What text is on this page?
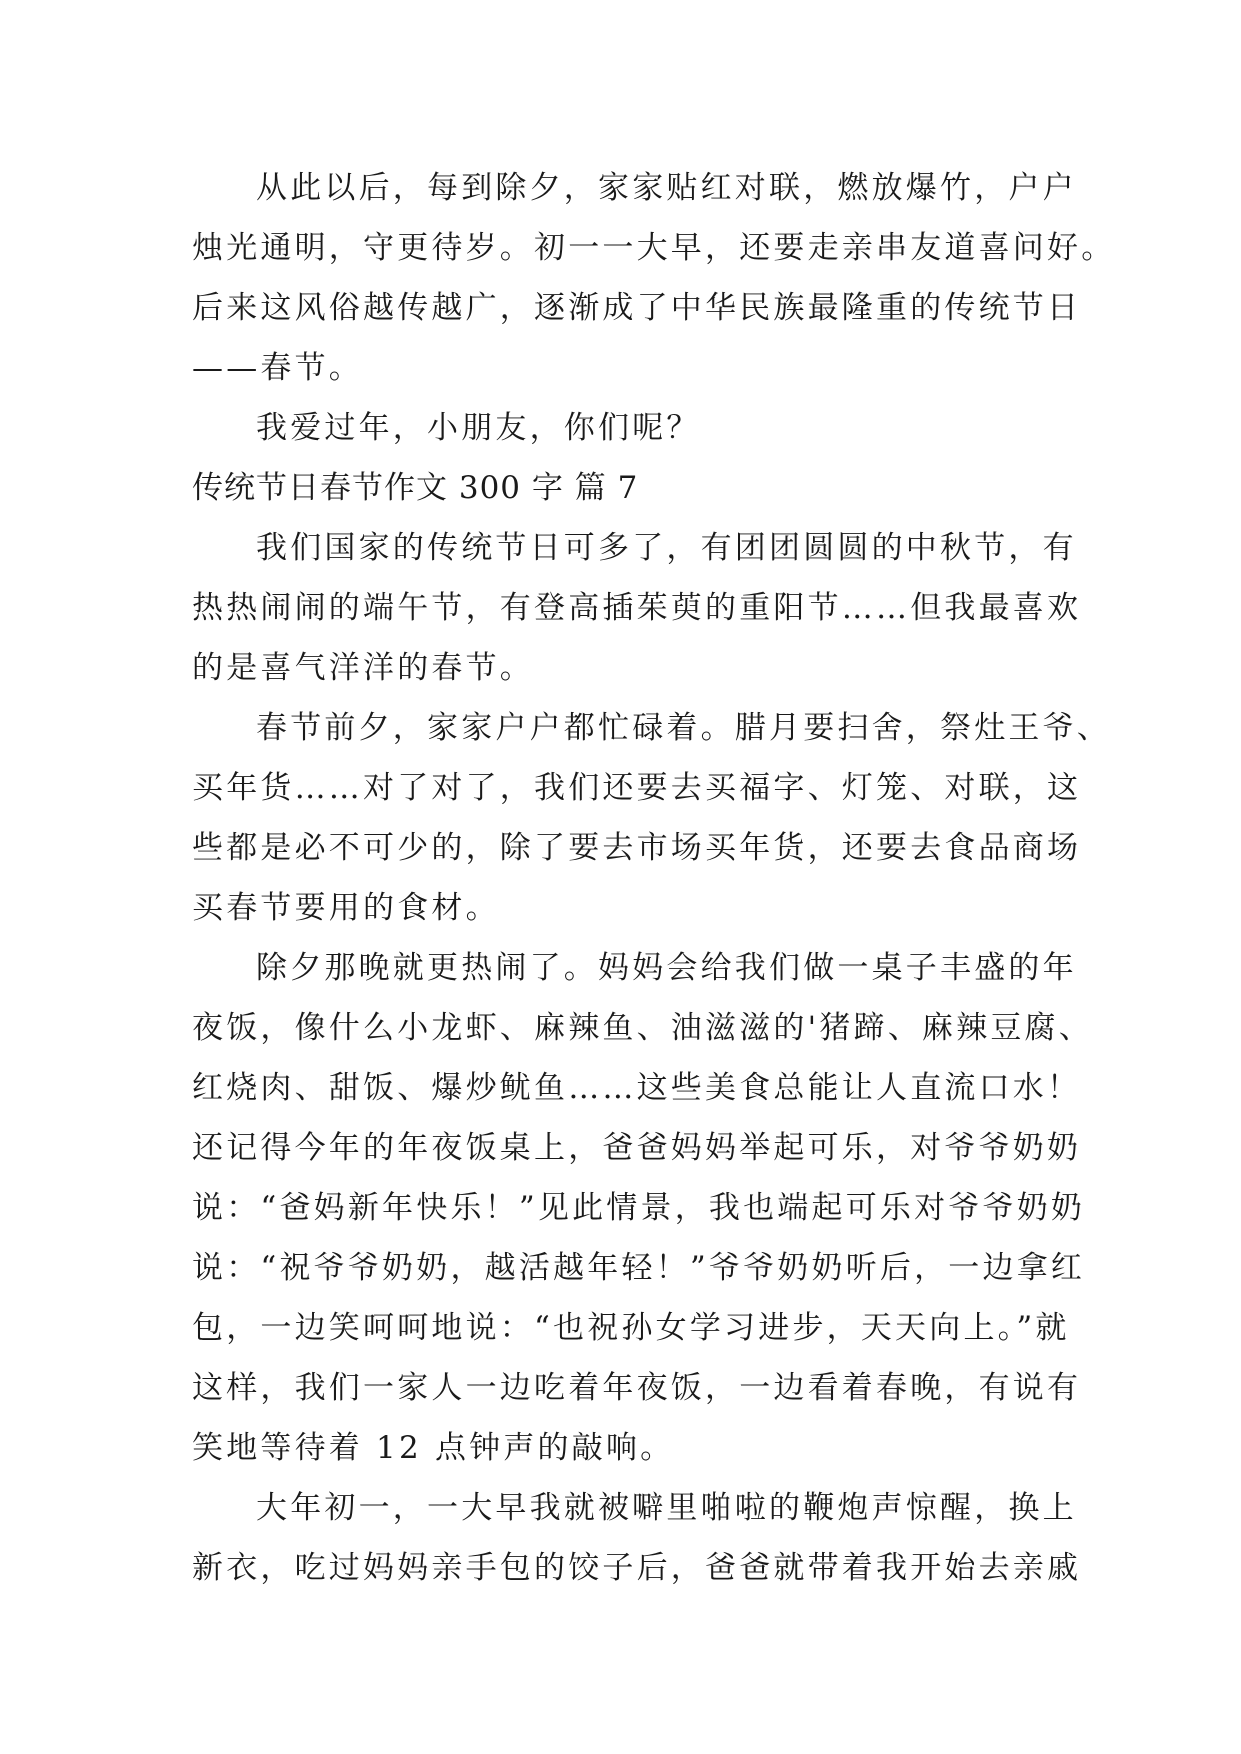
从此以后，每到除夕，家家贴红对联，燃放爆竹，户户
烛光通明，守更待岁。初一一大早，还要走亲串友道喜问好。
后来这风俗越传越广，逐渐成了中华民族最隆重的传统节日
——春节。
我爱过年，小朋友，你们呢？
传统节日春节作文 300 字 篇 7
我们国家的传统节日可多了，有团团圆圆的中秋节，有
热热闹闹的端午节，有登高插茱萸的重阳节……但我最喜欢
的是喜气洋洋的春节。
春节前夕，家家户户都忙碌着。腊月要扫舍，祭灶王爷、
买年货……对了对了，我们还要去买福字、灯笼、对联，这
些都是必不可少的，除了要去市场买年货，还要去食品商场
买春节要用的食材。
除夕那晚就更热闹了。妈妈会给我们做一桌子丰盛的年
夜饭，像什么小龙虾、麻辣鱼、油滋滋的'猪蹄、麻辣豆腐、
红烧肉、甜饭、爆炒鱿鱼……这些美食总能让人直流口水！
还记得今年的年夜饭桌上，爸爸妈妈举起可乐，对爷爷奶奶
说：“爸妈新年快乐！”见此情景，我也端起可乐对爷爷奶奶
说：“祝爷爷奶奶，越活越年轻！”爷爷奶奶听后，一边拿红
包，一边笑呵呵地说：“也祝孙女学习进步，天天向上。”就
这样，我们一家人一边吃着年夜饭，一边看着春晚，有说有
笑地等待着 12 点钟声的敲响。
大年初一，一大早我就被噼里啪啦的鞭炮声惊醒，换上
新衣，吃过妈妈亲手包的饺子后，爸爸就带着我开始去亲戚
